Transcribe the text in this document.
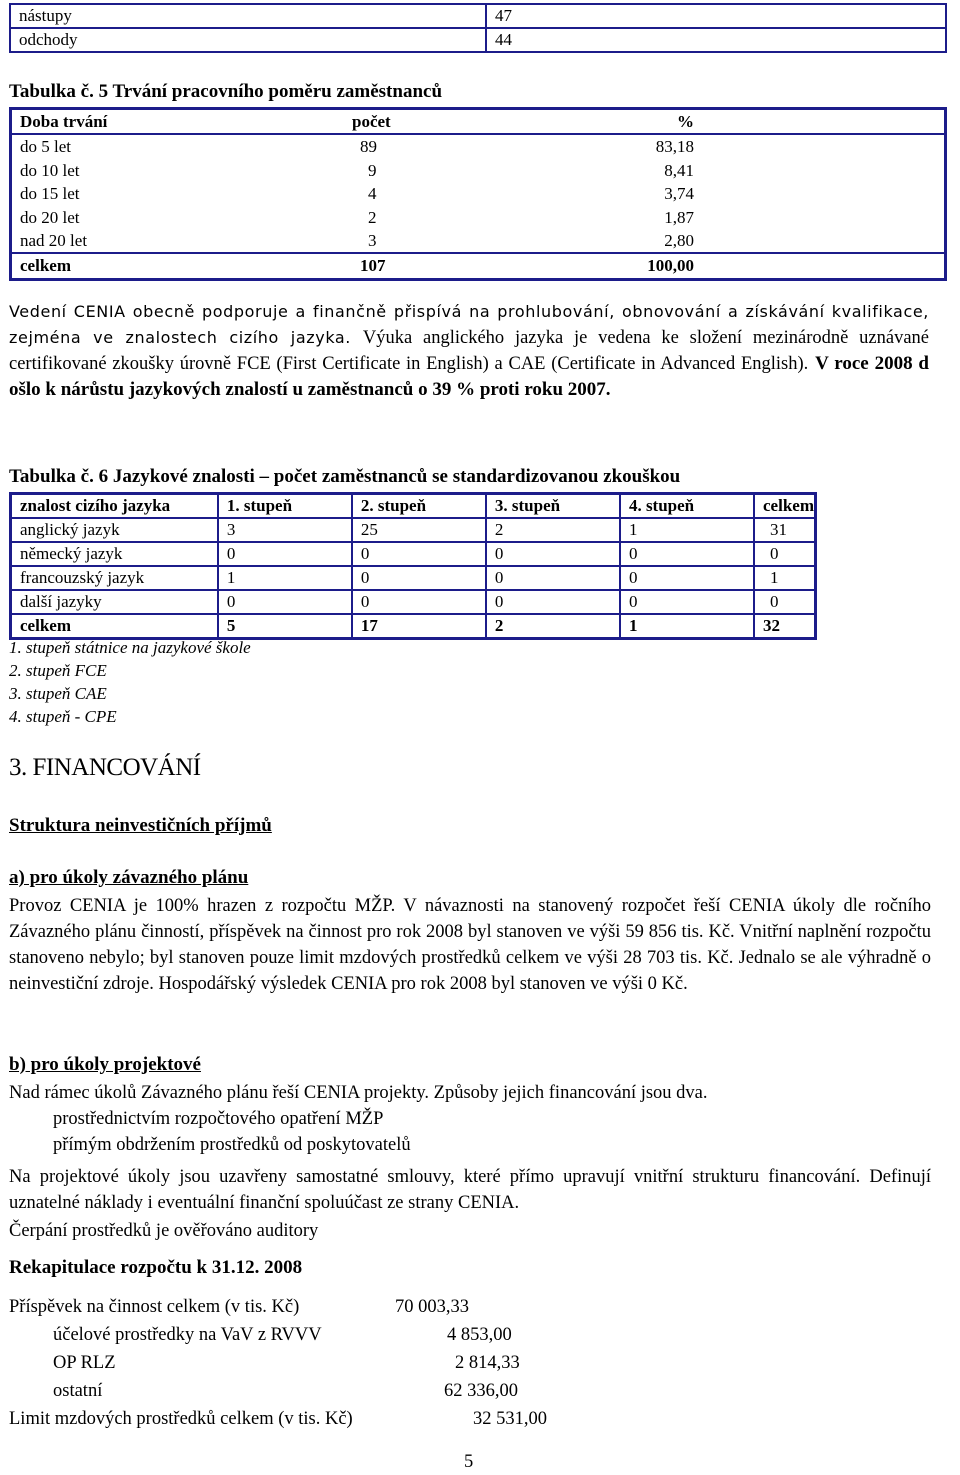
nástupy	47
odchody	44
Tabulka č. 5 Trvání pracovního poměru zaměstnanců
Doba trvání	počet	%
do 5 let	89	83,18
do 10 let	9	8,41
do 15 let	4	3,74
do 20 let	2	1,87
nad 20 let	3	2,80
celkem	107	100,00
Vedení CENIA obecně podporuje a finančně přispívá na prohlubování, obnovování a získávání kvalifikace, zejména ve znalostech cizího jazyka. Výuka anglického jazyka je vedena ke složení mezinárodně uznávané certifikované zkoušky úrovně FCE (First Certificate in English) a CAE (Certificate in Advanced English). V roce 2008 d ošlo k nárůstu jazykových znalostí u zaměstnanců o 39 % proti roku 2007.
Tabulka č. 6 Jazykové znalosti – počet zaměstnanců se standardizovanou zkouškou
znalost cizího jazyka	1. stupeň	2. stupeň	3. stupeň	4. stupeň	celkem
anglický jazyk	3	25	2	1	31
německý jazyk	0	0	0	0	0
francouzský jazyk	1	0	0	0	1
další jazyky	0	0	0	0	0
celkem	5	17	2	1	32
1. stupeň státnice na jazykové škole
2. stupeň FCE
3. stupeň CAE
4. stupeň - CPE
3. FINANCOVÁNÍ
Struktura neinvestičních příjmů
a) pro úkoly závazného plánu
Provoz CENIA je 100% hrazen z rozpočtu MŽP. V návaznosti na stanovený rozpočet řeší CENIA úkoly dle ročního Závazného plánu činností, příspěvek na činnost pro rok 2008 byl stanoven ve výši 59 856 tis. Kč. Vnitřní naplnění rozpočtu stanoveno nebylo; byl stanoven pouze limit mzdových prostředků celkem ve výši 28 703 tis. Kč. Jednalo se ale výhradně o neinvestiční zdroje. Hospodářský výsledek CENIA pro rok 2008 byl stanoven ve výši 0 Kč.
b) pro úkoly projektové
Nad rámec úkolů Závazného plánu řeší CENIA projekty. Způsoby jejich financování jsou dva.
prostřednictvím rozpočtového opatření MŽP
přímým obdržením prostředků od poskytovatelů
Na projektové úkoly jsou uzavřeny samostatné smlouvy, které přímo upravují vnitřní strukturu financování. Definují uznatelné náklady i eventuální finanční spoluúčast ze strany CENIA.
Čerpání prostředků je ověřováno auditory
Rekapitulace rozpočtu k 31.12. 2008
Příspěvek na činnost celkem (v tis. Kč)	70 003,33
účelové prostředky na VaV z RVVV	4 853,00
OP RLZ	2 814,33
ostatní	62 336,00
Limit mzdových prostředků celkem (v tis. Kč)	32 531,00
5
